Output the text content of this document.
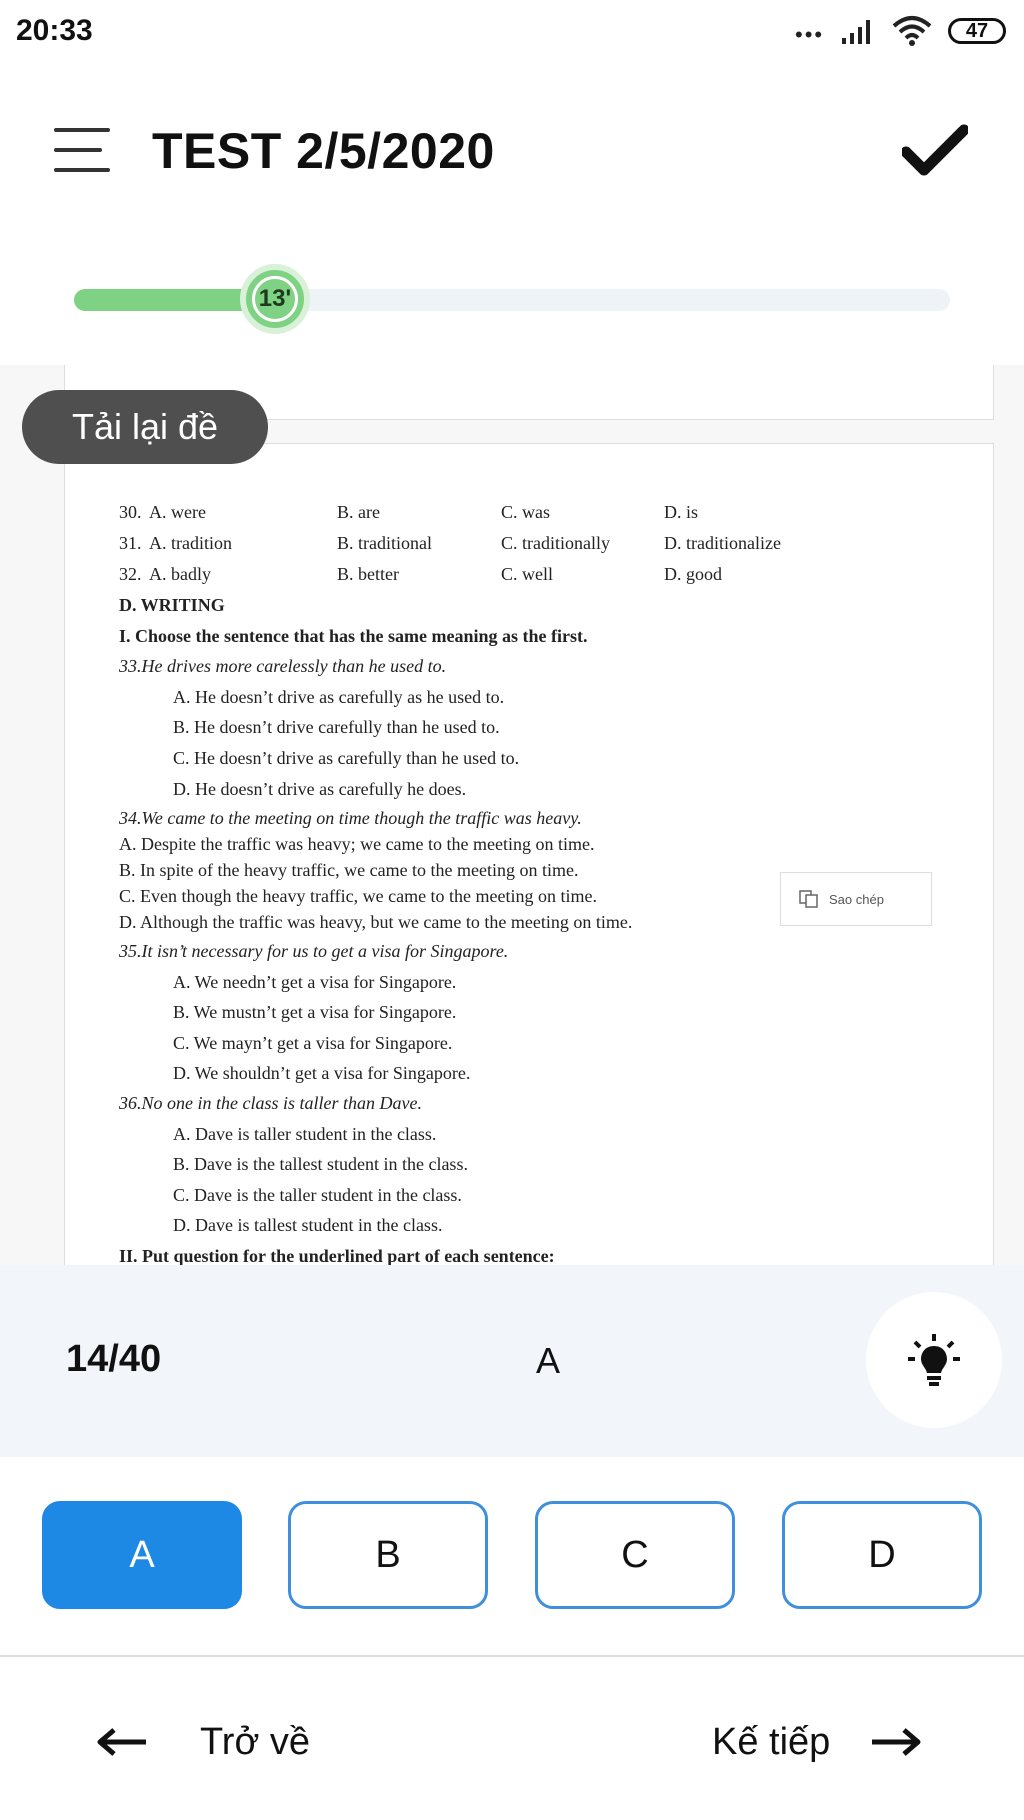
20:33	•••	47
TEST 2/5/2020
13'
30. A. were	B. are	C. was	D. is
31. A. tradition	B. traditional	C. traditionally	D. traditionalize
32. A. badly	B. better	C. well	D. good
D. WRITING
I. Choose the sentence that has the same meaning as the first.
33.He drives more carelessly than he used to.
A. He doesn’t drive as carefully as he used to.
B. He doesn’t drive carefully than he used to.
C. He doesn’t drive as carefully than he used to.
D. He doesn’t drive as carefully he does.
34.We came to the meeting on time though the traffic was heavy.
A. Despite the traffic was heavy; we came to the meeting on time.
B. In spite of the heavy traffic, we came to the meeting on time.
C. Even though the heavy traffic, we came to the meeting on time.
D. Although the traffic was heavy, but we came to the meeting on time.
35.It isn’t necessary for us to get a visa for Singapore.
A. We needn’t get a visa for Singapore.
B. We mustn’t get a visa for Singapore.
C. We mayn’t get a visa for Singapore.
D. We shouldn’t get a visa for Singapore.
36.No one in the class is taller than Dave.
A. Dave is taller student in the class.
B. Dave is the tallest student in the class.
C. Dave is the taller student in the class.
D. Dave is tallest student in the class.
II. Put question for the underlined part of each sentence:
Tải lại đề
Sao chép
14/40	A
A	B	C	D
Trở về	Kế tiếp
